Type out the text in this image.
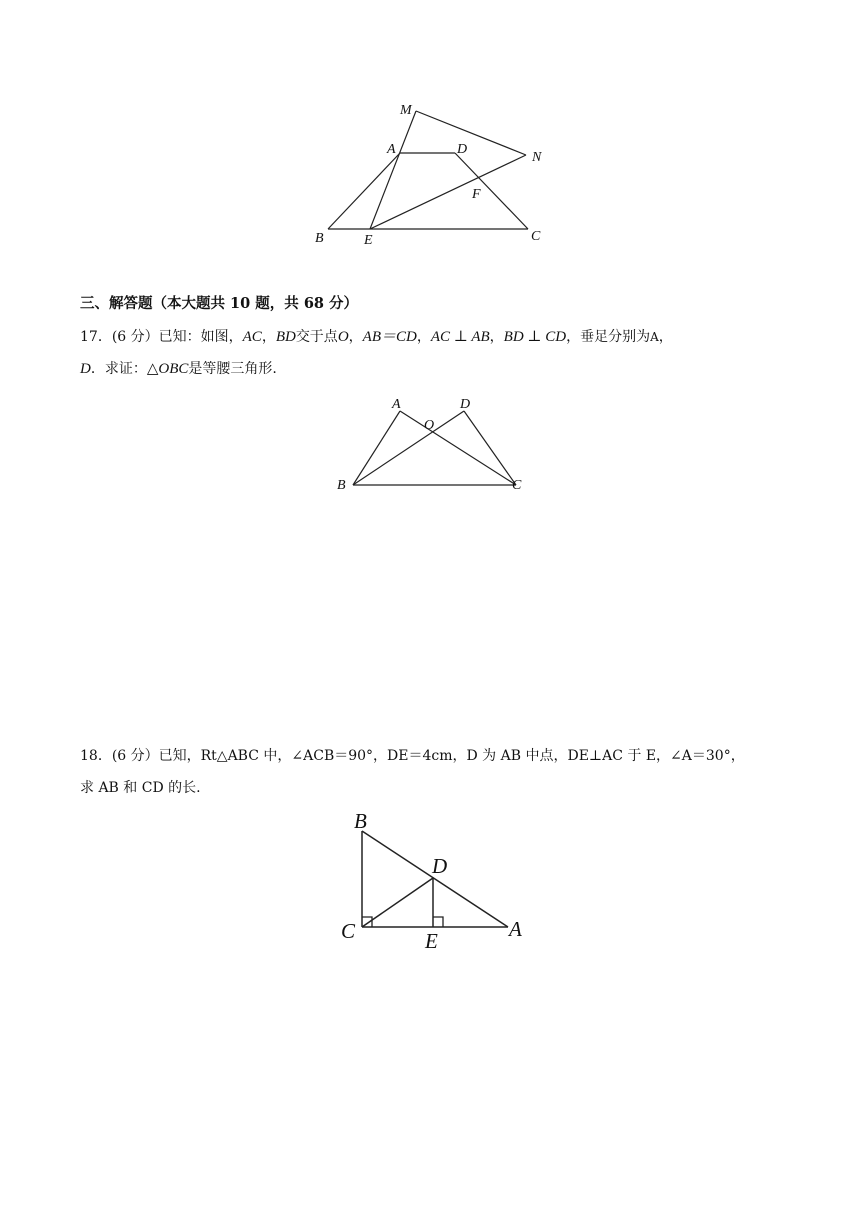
M
A	D
N
F
B	E	C
三、解答题（本大题共 10 题，共 68 分）
17．(6 分）已知：如图，AC，BD交于点O，AB＝CD，AC ⊥ AB，BD ⊥ CD，垂足分别为A，
D．求证：△OBC是等腰三角形.
A
O
D
B	C
18．(6 分）已知，Rt△ABC 中，∠ACB＝90°，DE＝4cm，D 为 AB 中点，DE⊥AC 于 E，∠A＝30°，
求 AB 和 CD 的长.
B
D
C	E	A
